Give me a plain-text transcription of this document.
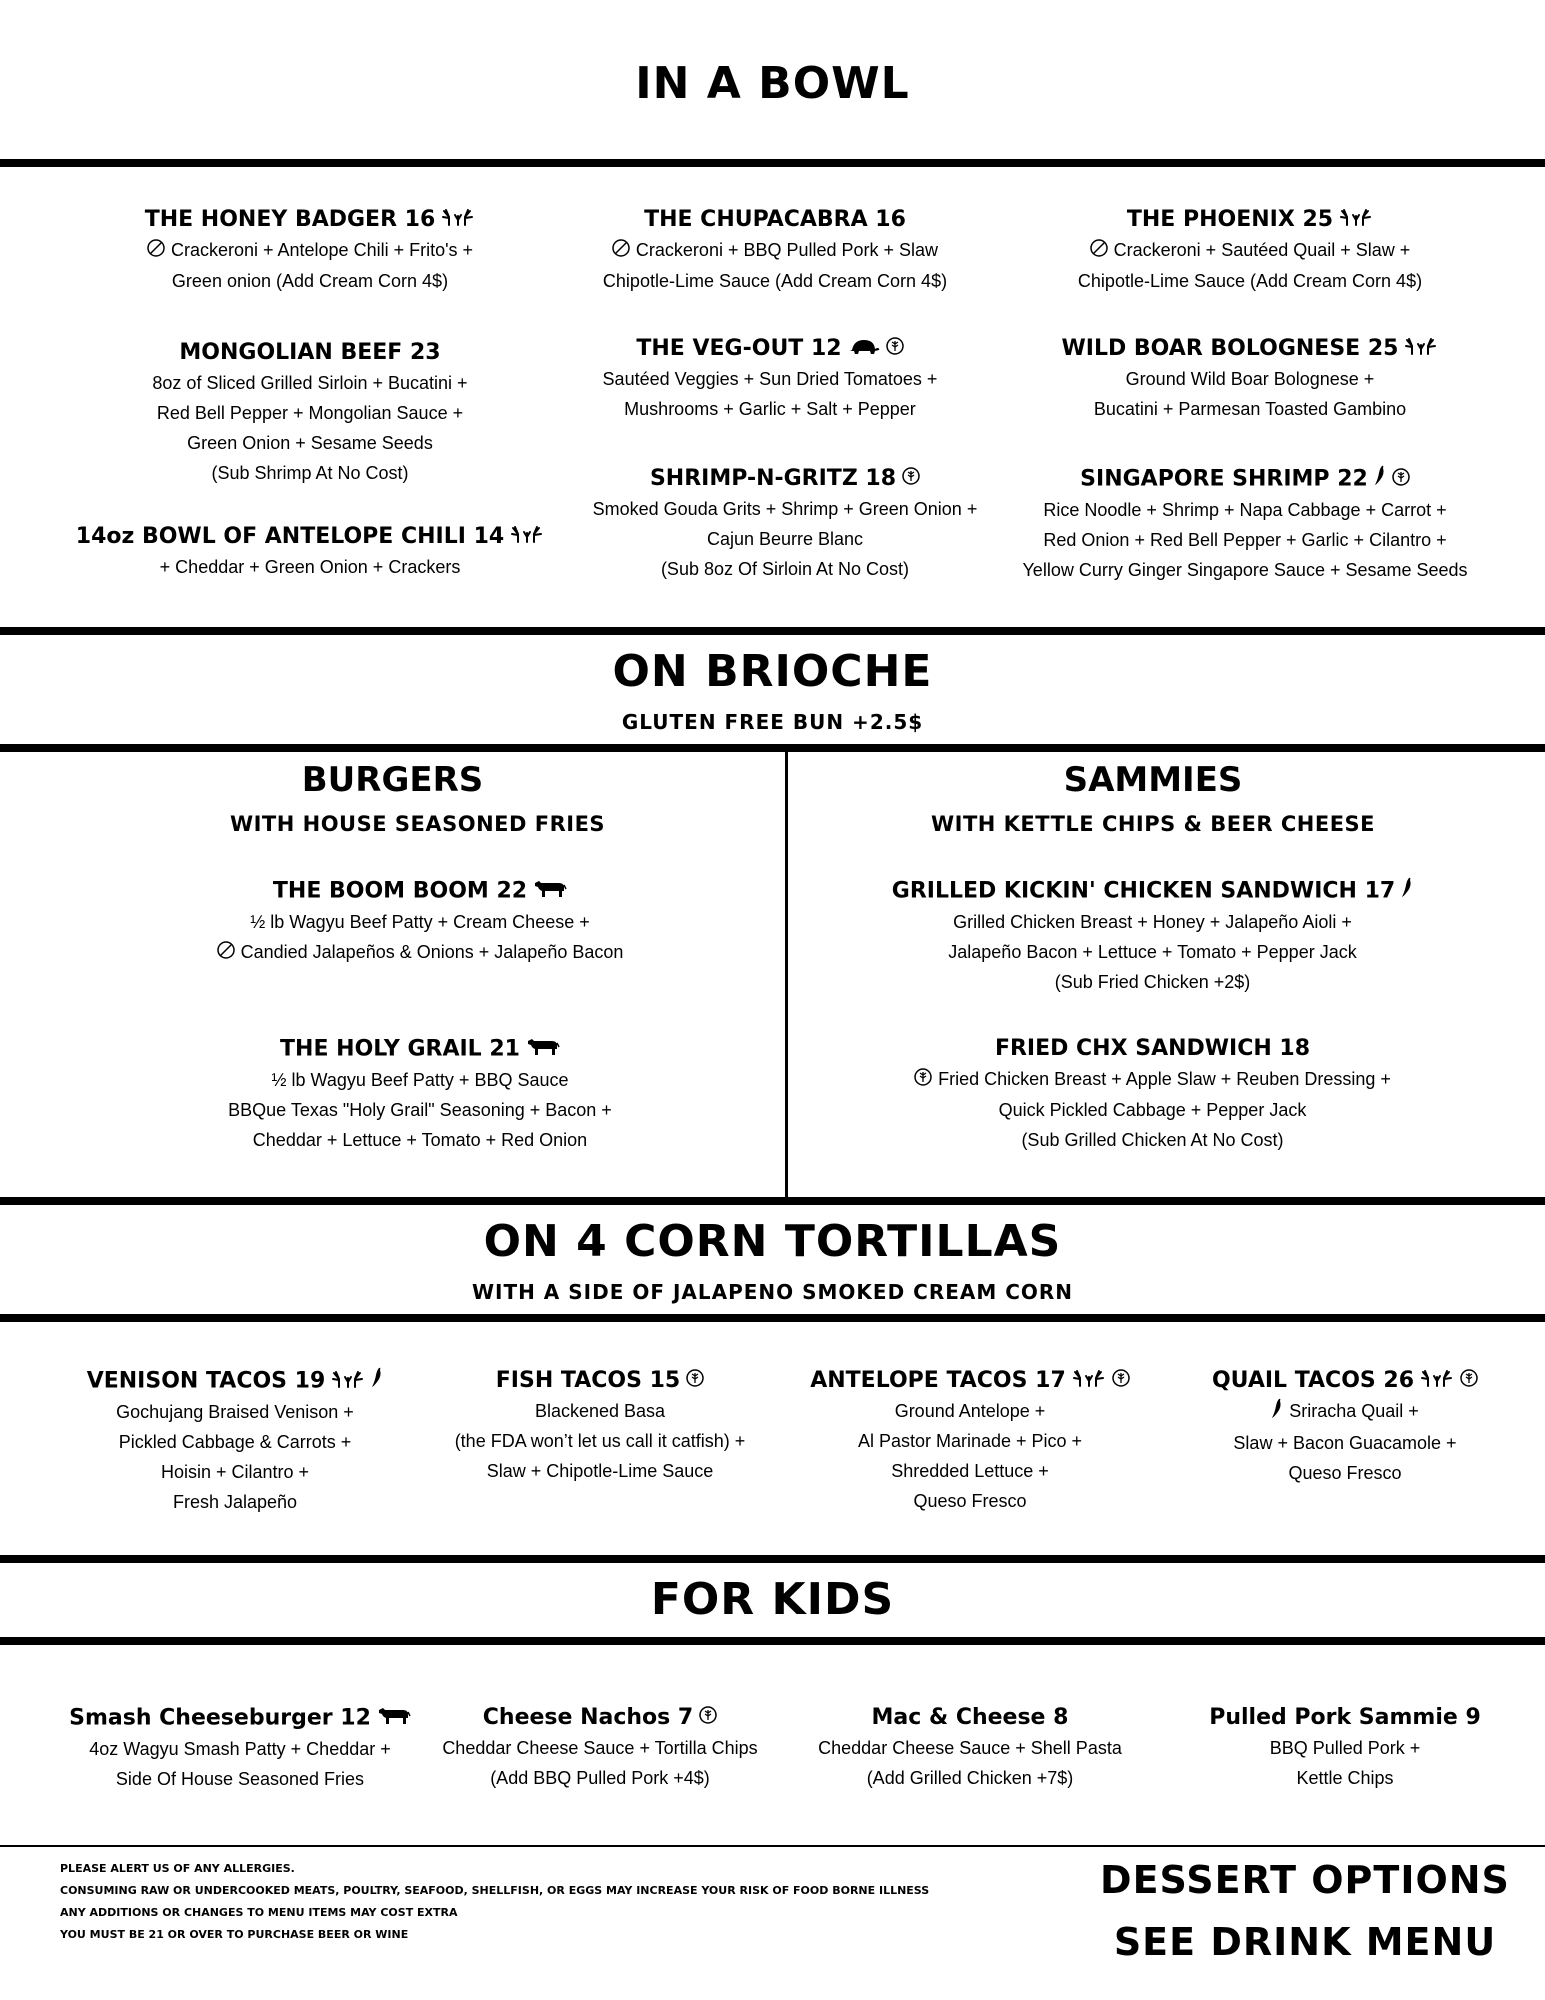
IN A BOWL
THE HONEY BADGER 16
Crackeroni + Antelope Chili + Frito's +
Green onion (Add Cream Corn 4$)
THE CHUPACABRA 16
Crackeroni + BBQ Pulled Pork + Slaw
Chipotle-Lime Sauce (Add Cream Corn 4$)
THE PHOENIX 25
Crackeroni + Sautéed Quail + Slaw +
Chipotle-Lime Sauce (Add Cream Corn 4$)
MONGOLIAN BEEF 23
8oz of Sliced Grilled Sirloin + Bucatini +
Red Bell Pepper + Mongolian Sauce +
Green Onion + Sesame Seeds
(Sub Shrimp At No Cost)
THE VEG-OUT 12
Sautéed Veggies + Sun Dried Tomatoes +
Mushrooms + Garlic + Salt + Pepper
WILD BOAR BOLOGNESE 25
Ground Wild Boar Bolognese +
Bucatini + Parmesan Toasted Gambino
14oz BOWL OF ANTELOPE CHILI 14
+ Cheddar + Green Onion + Crackers
SHRIMP-N-GRITZ 18
Smoked Gouda Grits + Shrimp + Green Onion +
Cajun Beurre Blanc
(Sub 8oz Of Sirloin At No Cost)
SINGAPORE SHRIMP 22
Rice Noodle + Shrimp + Napa Cabbage + Carrot +
Red Onion + Red Bell Pepper + Garlic + Cilantro +
Yellow Curry Ginger Singapore Sauce + Sesame Seeds
ON BRIOCHE
GLUTEN FREE BUN +2.5$
BURGERS
WITH HOUSE SEASONED FRIES
SAMMIES
WITH KETTLE CHIPS & BEER CHEESE
THE BOOM BOOM 22
½ lb Wagyu Beef Patty + Cream Cheese +
Candied Jalapeños & Onions + Jalapeño Bacon
THE HOLY GRAIL 21
½ lb Wagyu Beef Patty + BBQ Sauce
BBQue Texas "Holy Grail" Seasoning + Bacon +
Cheddar + Lettuce + Tomato + Red Onion
GRILLED KICKIN' CHICKEN SANDWICH 17
Grilled Chicken Breast + Honey + Jalapeño Aioli +
Jalapeño Bacon + Lettuce + Tomato + Pepper Jack
(Sub Fried Chicken +2$)
FRIED CHX SANDWICH 18
Fried Chicken Breast + Apple Slaw + Reuben Dressing +
Quick Pickled Cabbage + Pepper Jack
(Sub Grilled Chicken At No Cost)
ON 4 CORN TORTILLAS
WITH A SIDE OF JALAPENO SMOKED CREAM CORN
VENISON TACOS 19
Gochujang Braised Venison +
Pickled Cabbage & Carrots +
Hoisin + Cilantro +
Fresh Jalapeño
FISH TACOS 15
Blackened Basa
(the FDA won’t let us call it catfish) +
Slaw + Chipotle-Lime Sauce
ANTELOPE TACOS 17
Ground Antelope +
Al Pastor Marinade + Pico +
Shredded Lettuce +
Queso Fresco
QUAIL TACOS 26
Sriracha Quail +
Slaw + Bacon Guacamole +
Queso Fresco
FOR KIDS
Smash Cheeseburger 12
4oz Wagyu Smash Patty + Cheddar +
Side Of House Seasoned Fries
Cheese Nachos 7
Cheddar Cheese Sauce + Tortilla Chips
(Add BBQ Pulled Pork +4$)
Mac & Cheese 8
Cheddar Cheese Sauce + Shell Pasta
(Add Grilled Chicken +7$)
Pulled Pork Sammie 9
BBQ Pulled Pork +
Kettle Chips
PLEASE ALERT US OF ANY ALLERGIES.
CONSUMING RAW OR UNDERCOOKED MEATS, POULTRY, SEAFOOD, SHELLFISH, OR EGGS MAY INCREASE YOUR RISK OF FOOD BORNE ILLNESS
ANY ADDITIONS OR CHANGES TO MENU ITEMS MAY COST EXTRA
YOU MUST BE 21 OR OVER TO PURCHASE BEER OR WINE
DESSERT OPTIONS
SEE DRINK MENU
